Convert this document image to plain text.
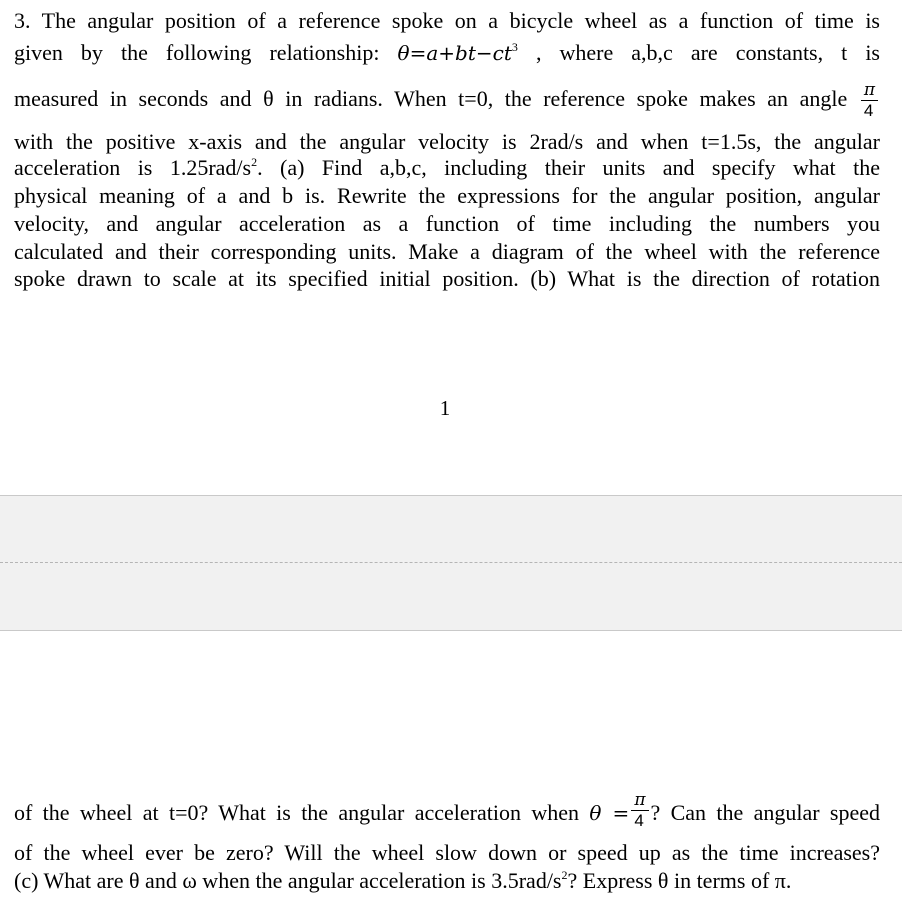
3. The angular position of a reference spoke on a bicycle wheel as a function of time is
given by the following relationship: $\theta=a+bt-ct^3$ , where a,b,c are constants, t is
measured in seconds and θ in radians. When t=0, the reference spoke makes an angle $\frac{\pi}{4}$
with the positive x-axis and the angular velocity is 2rad/s and when t=1.5s, the angular
acceleration is $1.25rad/s^2$. (a) Find a,b,c, including their units and specify what the
physical meaning of a and b is. Rewrite the expressions for the angular position, angular
velocity, and angular acceleration as a function of time including the numbers you
calculated and their corresponding units. Make a diagram of the wheel with the reference
spoke drawn to scale at its specified initial position. (b) What is the direction of rotation
1
of the wheel at t=0? What is the angular acceleration when $\theta = \frac{\pi}{4}$ ? Can the angular speed
of the wheel ever be zero? Will the wheel slow down or speed up as the time increases?
(c) What are θ and ω when the angular acceleration is $3.5rad/s^2$? Express θ in terms of π.
